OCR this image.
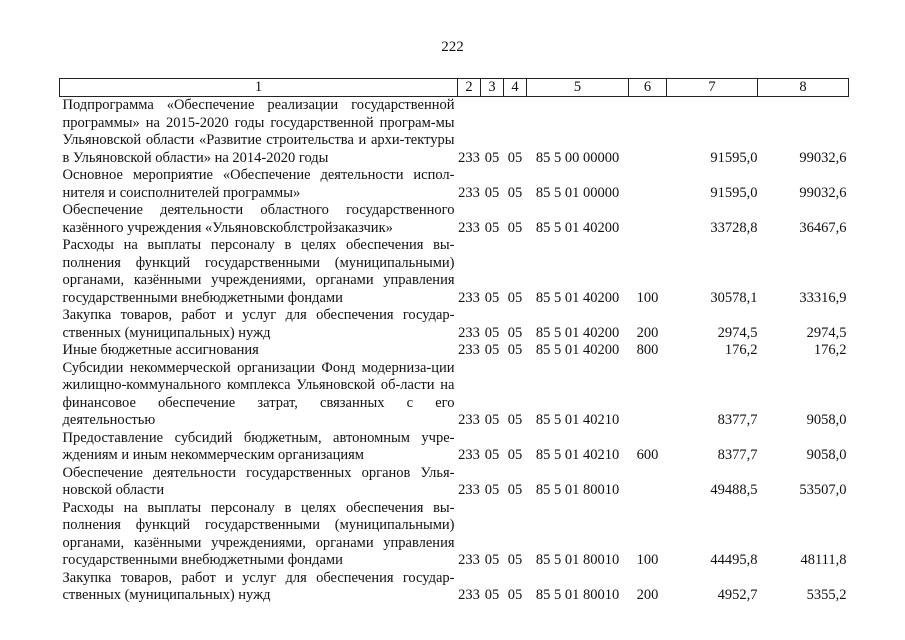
222
1	2	3	4	5	6	7	8
Подпрограмма «Обеспечение реализации государственной программы» на 2015-2020 годы государственной програм-мы Ульяновской области «Развитие строительства и архи-тектуры в Ульяновской области» на 2014-2020 годы	233	05	05	85 5 00 00000		91595,0	99032,6
Основное мероприятие «Обеспечение деятельности испол-нителя и соисполнителей программы»	233	05	05	85 5 01 00000		91595,0	99032,6
Обеспечение деятельности областного государственного казённого учреждения «Ульяновскоблстройзаказчик»	233	05	05	85 5 01 40200		33728,8	36467,6
Расходы на выплаты персоналу в целях обеспечения вы-полнения функций государственными (муниципальными) органами, казёнными учреждениями, органами управления государственными внебюджетными фондами	233	05	05	85 5 01 40200	100	30578,1	33316,9
Закупка товаров, работ и услуг для обеспечения государ-ственных (муниципальных) нужд	233	05	05	85 5 01 40200	200	2974,5	2974,5
Иные бюджетные ассигнования	233	05	05	85 5 01 40200	800	176,2	176,2
Субсидии некоммерческой организации Фонд модерниза-ции жилищно-коммунального комплекса Ульяновской об-ласти на финансовое обеспечение затрат, связанных с его деятельностью	233	05	05	85 5 01 40210		8377,7	9058,0
Предоставление субсидий бюджетным, автономным учре-ждениям и иным некоммерческим организациям	233	05	05	85 5 01 40210	600	8377,7	9058,0
Обеспечение деятельности государственных органов Улья-новской области	233	05	05	85 5 01 80010		49488,5	53507,0
Расходы на выплаты персоналу в целях обеспечения вы-полнения функций государственными (муниципальными) органами, казёнными учреждениями, органами управления государственными внебюджетными фондами	233	05	05	85 5 01 80010	100	44495,8	48111,8
Закупка товаров, работ и услуг для обеспечения государ-ственных (муниципальных) нужд	233	05	05	85 5 01 80010	200	4952,7	5355,2
